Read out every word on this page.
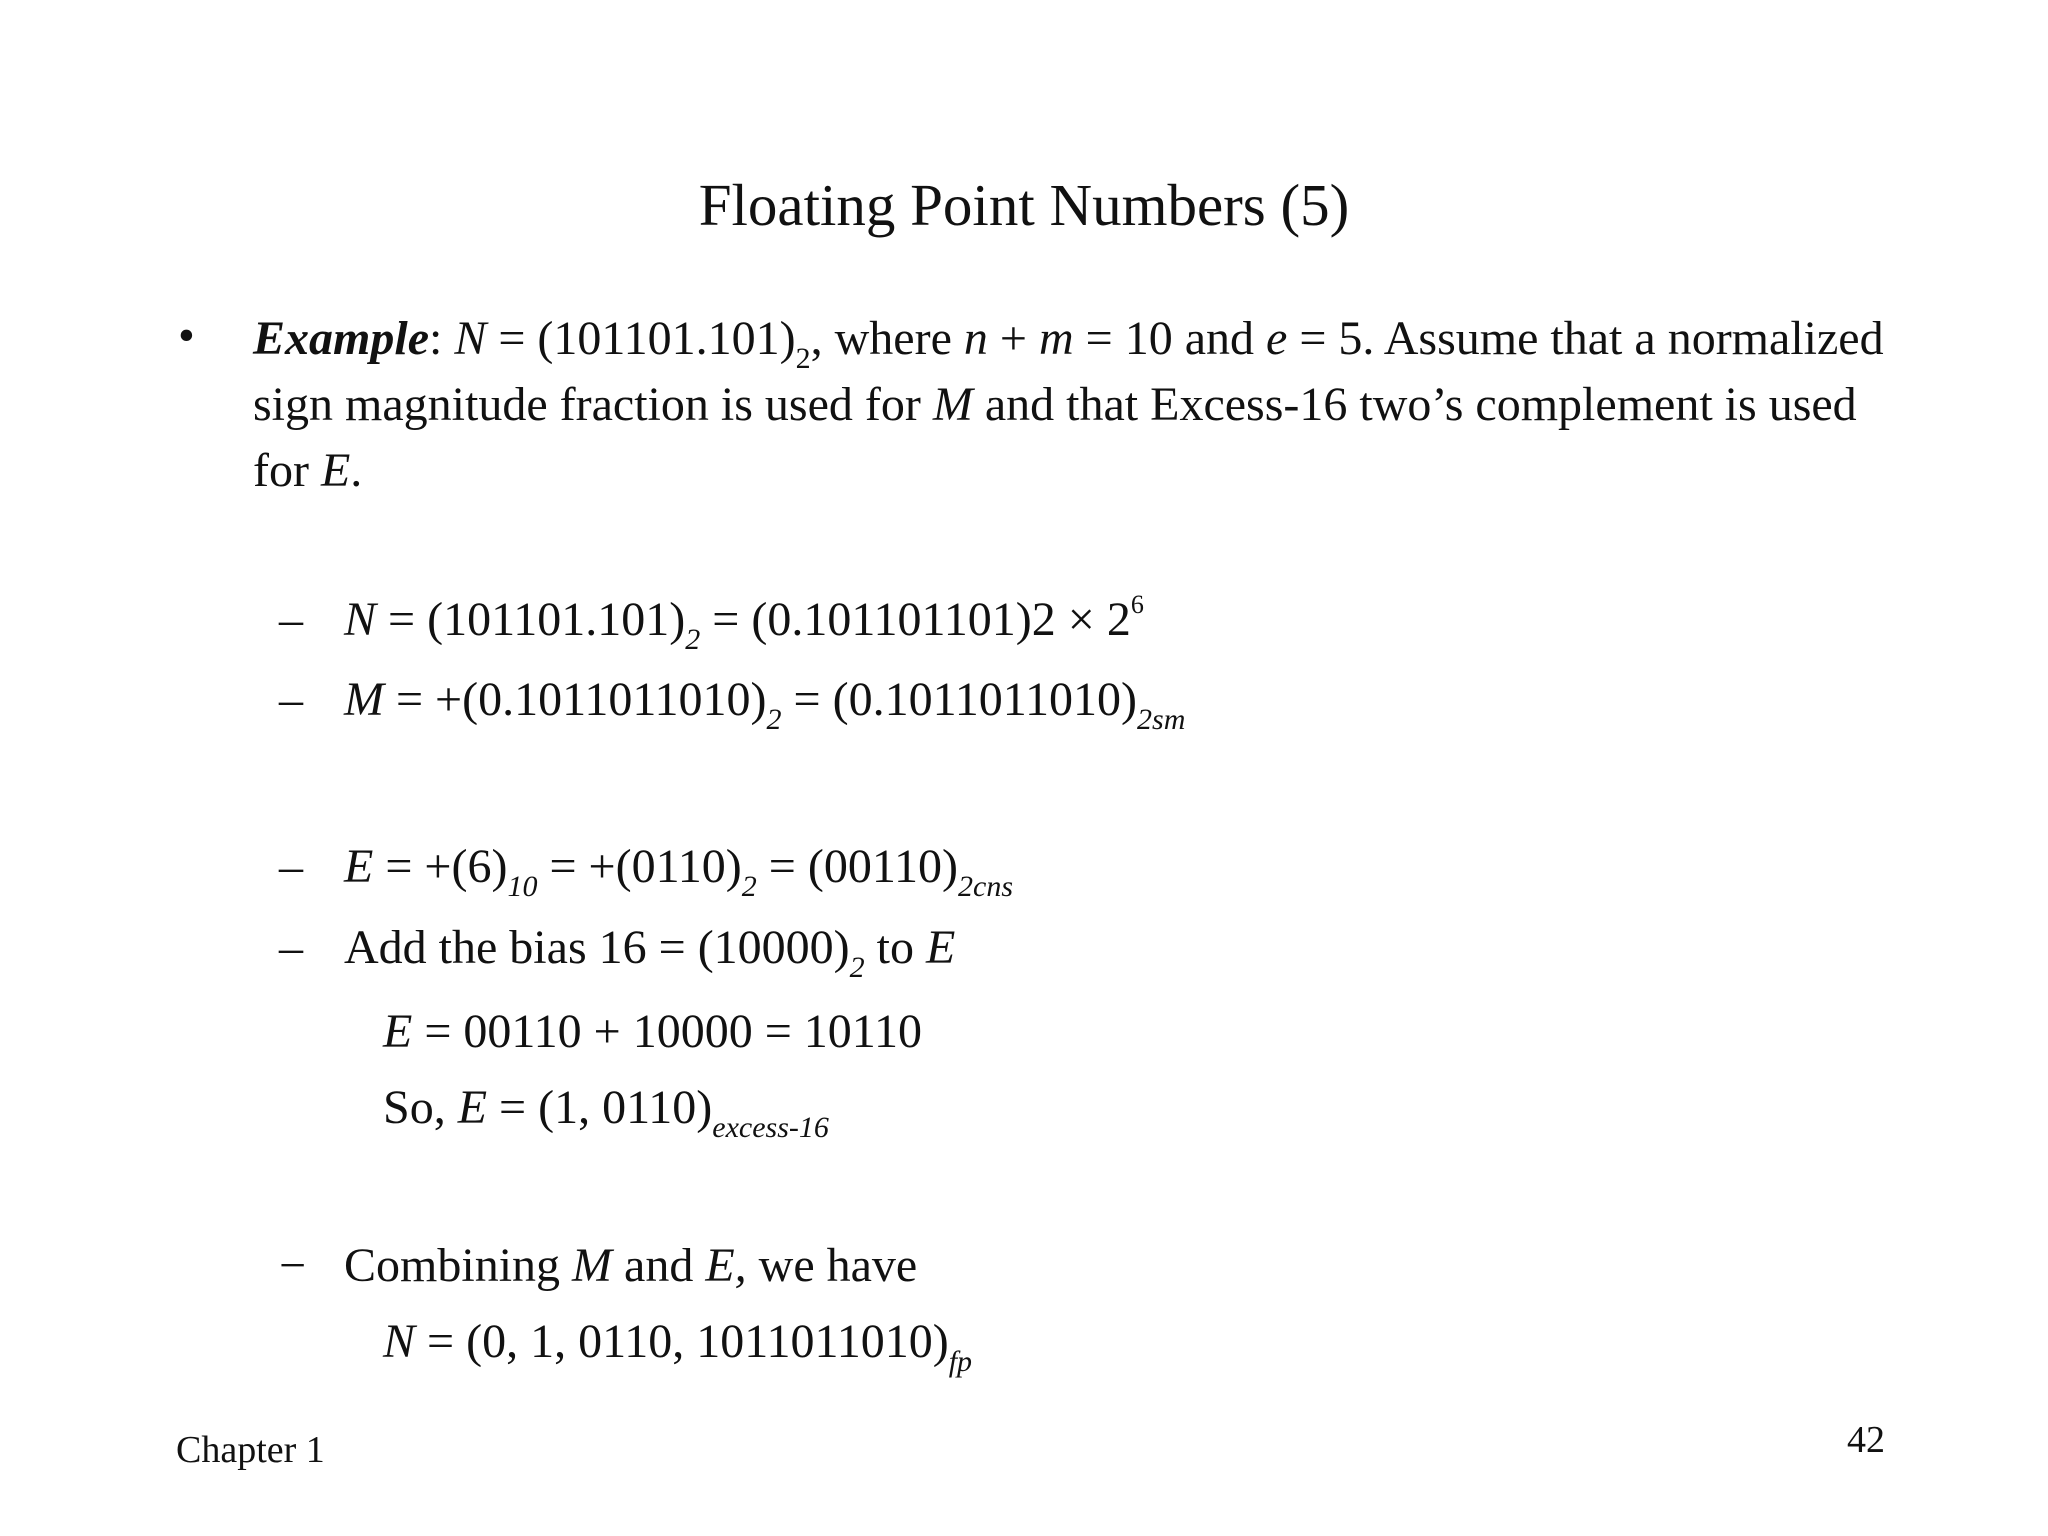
Floating Point Numbers (5)
• Example: $N = (101101.101)_2$, where n + m = 10 and e = 5. Assume that a normalized sign magnitude fraction is used for M and that Excess-16 two’s complement is used for E.
– $N = (101101.101)_2 = (0.101101101)2 \times 2^6$
– $M = +(0.1011011010)_2 = (0.1011011010)_{2sm}$
– $E = +(6)_{10} = +(0110)_2 = (00110)_{2cns}$
– Add the bias $16 = (10000)_2$ to E
E = 00110 + 10000 = 10110
So, E = (1, $0110)_{excess-16}$
− Combining M and E, we have
N = (0, 1, 0110, $1011011010)_{fp}$
Chapter 1	42
